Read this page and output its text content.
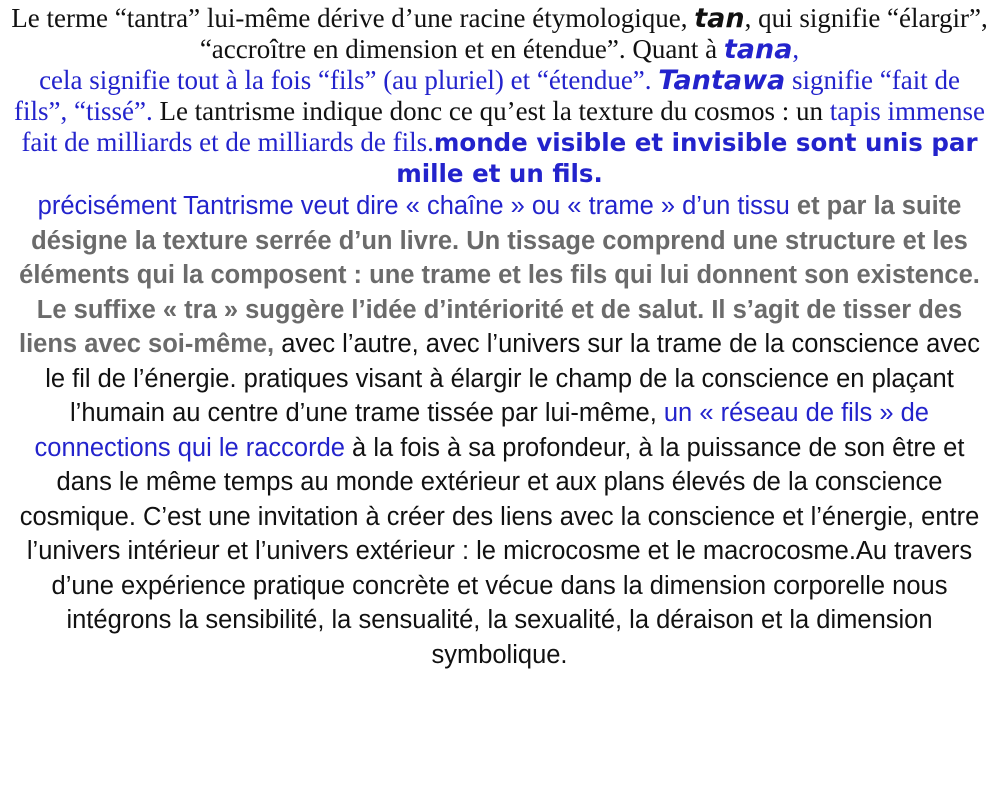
Le terme “tantra” lui-même dérive d’une racine étymologique, tan, qui signifie “élargir”, “accroître en dimension et en étendue”. Quant à tana,
cela signifie tout à la fois “fils” (au pluriel) et “étendue”. Tantawa signifie “fait de fils”, “tissé”. Le tantrisme indique donc ce qu’est la texture du cosmos : un tapis immense fait de milliards et de milliards de fils.monde visible et invisible sont unis par mille et un fils.

précisément Tantrisme veut dire « chaîne » ou « trame » d’un tissu et par la suite désigne la texture serrée d’un livre. Un tissage comprend une structure et les éléments qui la composent : une trame et les fils qui lui donnent son existence. Le suffixe « tra » suggère l’idée d’intériorité et de salut. Il s’agit de tisser des liens avec soi-même, avec l’autre, avec l’univers sur la trame de la conscience avec le fil de l’énergie. pratiques visant à élargir le champ de la conscience en plaçant l’humain au centre d’une trame tissée par lui-même, un « réseau de fils » de connections qui le raccorde à la fois à sa profondeur, à la puissance de son être et dans le même temps au monde extérieur et aux plans élevés de la conscience cosmique. C’est une invitation à créer des liens avec la conscience et l’énergie, entre l’univers intérieur et l’univers extérieur : le microcosme et le macrocosme.Au travers d’une expérience pratique concrète et vécue dans la dimension corporelle nous intégrons la sensibilité, la sensualité, la sexualité, la déraison et la dimension symbolique.
